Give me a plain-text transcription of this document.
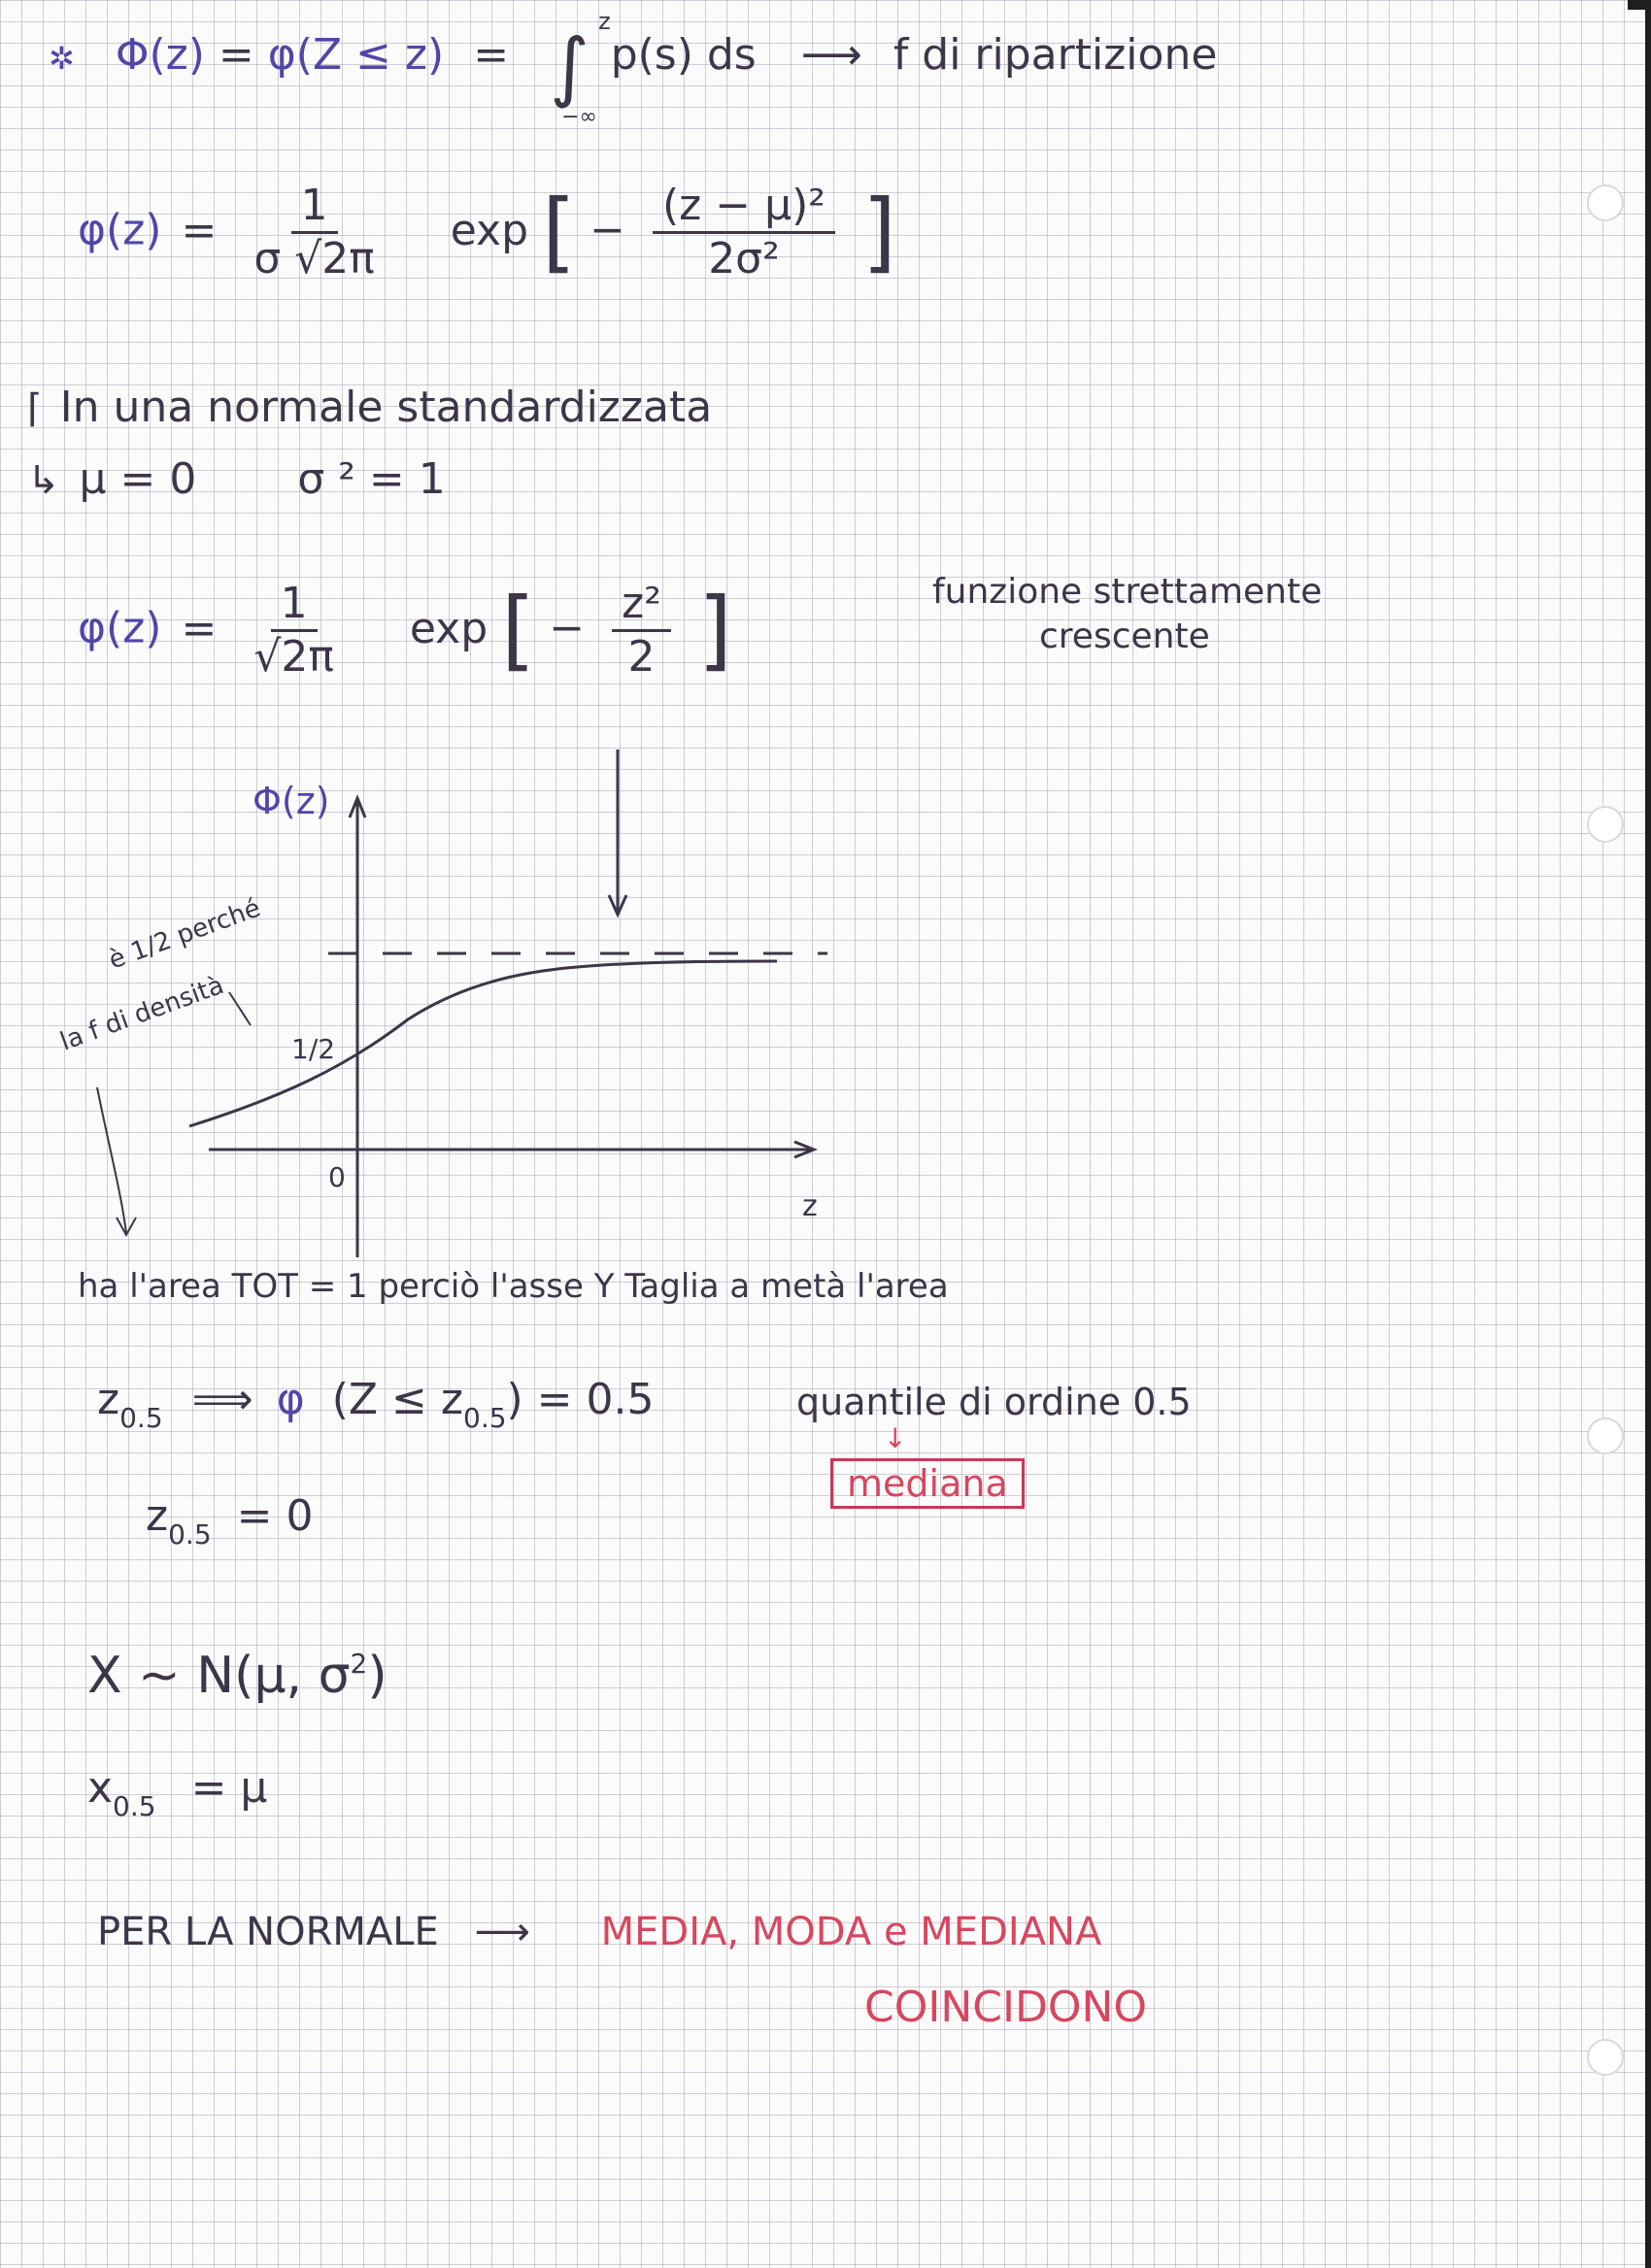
✲ Φ(z) = φ(Z ≤ z) = ∫
z
−∞
p(s) ds ⟶ f di ripartizione
$\varphi(z) = \frac{1}{\sigma √2\pi}$ exp [ − $\frac{\text{(z − μ)²}}{\text{2σ²}}$ ]
⌈ In una normale standardizzata
↳ μ = 0 σ ² = 1
$\varphi(z) = \frac{1}{√2\pi}$ exp [ − $\frac{\text{z²}}{2}$ ]	funzione strettamente
crescente
Φ(z)
z
0
1/2
è 1/2 perché
la f di densità
ha l'area TOT = 1 perciò l'asse Y Taglia a metà l'area
$z_{0.5}$ ⟹ φ $(Z \le z_{0.5}) = 0.5$	quantile di ordine 0.5
↓
mediana
$z_{0.5} = 0$
X ~ N(μ, $\sigma^2$)
$x_{0.5} = \mu$
PER LA NORMALE ⟶ MEDIA, MODA e MEDIANA
COINCIDONO
